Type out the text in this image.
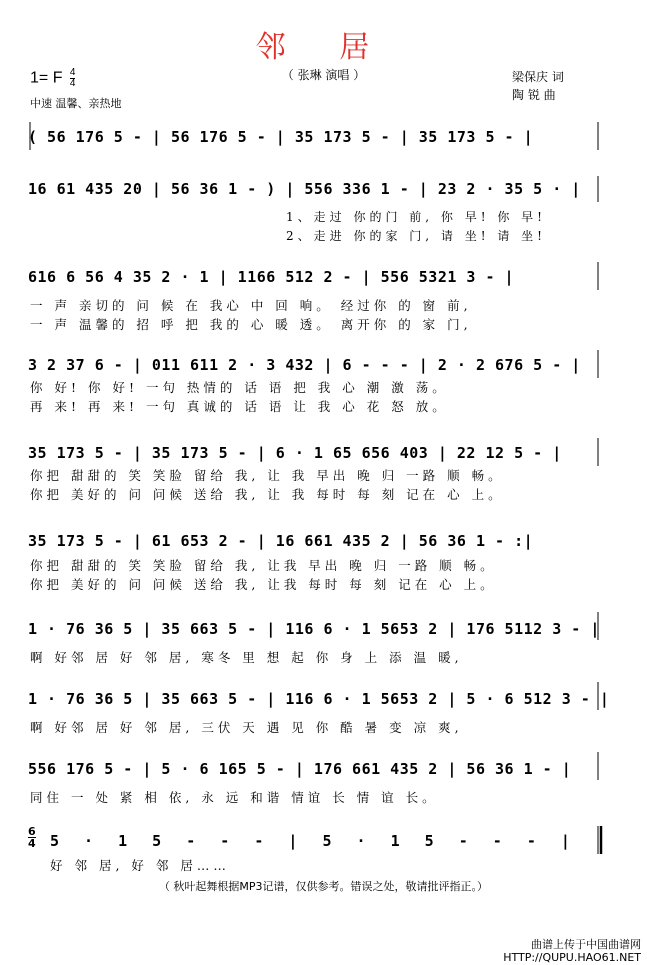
邻 居
（ 张琳 演唱 ）
1= F $\frac{4}{4}$
中速 温馨、亲热地
梁保庆 词
陶 锐 曲
( 56 176 5 - | 56 176 5 - | 35 173 5 - | 35 173 5 - |
16 61 435 20 | 56 36 1 - ) | 556 336 1 - | 23 2 · 35 5 · |
1、走过 你的门 前, 你 早! 你 早!
2、走进 你的家 门, 请 坐! 请 坐!
616 6 56 4 35 2 · 1 | 1166 512 2 - | 556 5321 3 - |
一 声 亲切的 问 候 在 我心 中 回 响。 经过你 的 窗 前,
一 声 温馨的 招 呼 把 我的 心 暖 透。 离开你 的 家 门,
3 2 37 6 - | 011 611 2 · 3 432 | 6 - - - | 2 · 2 676 5 - |
你 好! 你 好! 一句 热情的 话 语 把 我 心 潮 激 荡。
再 来! 再 来! 一句 真诚的 话 语 让 我 心 花 怒 放。
35 173 5 - | 35 173 5 - | 6 · 1 65 656 403 | 22 12 5 - |
你把 甜甜的 笑 笑脸 留给 我, 让 我 早出 晚 归 一路 顺 畅。
你把 美好的 问 问候 送给 我, 让 我 每时 每 刻 记在 心 上。
35 173 5 - | 61 653 2 - | 16 661 435 2 | 56 36 1 - :|
你把 甜甜的 笑 笑脸 留给 我, 让我 早出 晚 归 一路 顺 畅。
你把 美好的 问 问候 送给 我, 让我 每时 每 刻 记在 心 上。
1 · 76 36 5 | 35 663 5 - | 116 6 · 1 5653 2 | 176 5112 3 - |
啊 好邻 居 好 邻 居, 寒冬 里 想 起 你 身 上 添 温 暖,
1 · 76 36 5 | 35 663 5 - | 116 6 · 1 5653 2 | 5 · 6 512 3 - |
啊 好邻 居 好 邻 居, 三伏 天 遇 见 你 酷 暑 变 凉 爽,
556 176 5 - | 5 · 6 165 5 - | 176 661 435 2 | 56 36 1 - |
同住 一 处 紧 相 依, 永 远 和谐 情谊 长 情 谊 长。
$\frac{6}{4} 5 \cdot 1$ 5 - - - | 5 · 1 5 - - - |
好 邻 居, 好 邻 居……
（ 秋叶起舞根据MP3记谱，仅供参考。错误之处，敬请批评指正。）
曲谱上传于中国曲谱网
HTTP://QUPU.HAO61.NET
